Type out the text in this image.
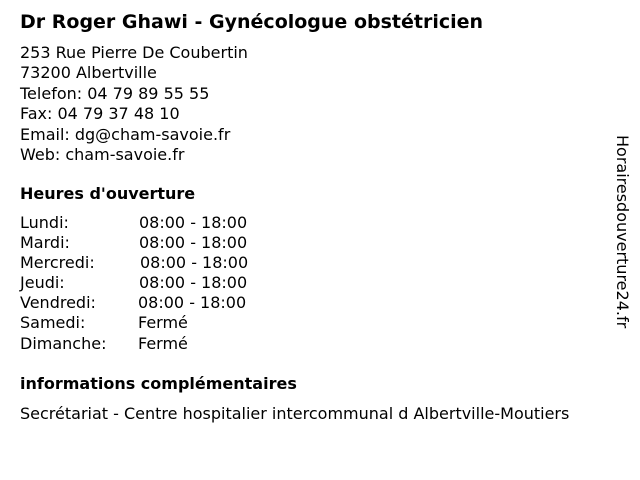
Dr Roger Ghawi - Gynécologue obstétricien
253 Rue Pierre De Coubertin
73200 Albertville
Telefon: 04 79 89 55 55
Fax: 04 79 37 48 10
Email: dg@cham-savoie.fr
Web: cham-savoie.fr
Heures d'ouverture
Lundi:	08:00 - 18:00
Mardi:	08:00 - 18:00
Mercredi:	08:00 - 18:00
Jeudi:	08:00 - 18:00
Vendredi:	08:00 - 18:00
Samedi:	Fermé
Dimanche: Fermé
informations complémentaires
Secrétariat - Centre hospitalier intercommunal d Albertville-Moutiers
Horairesdouverture24.fr
